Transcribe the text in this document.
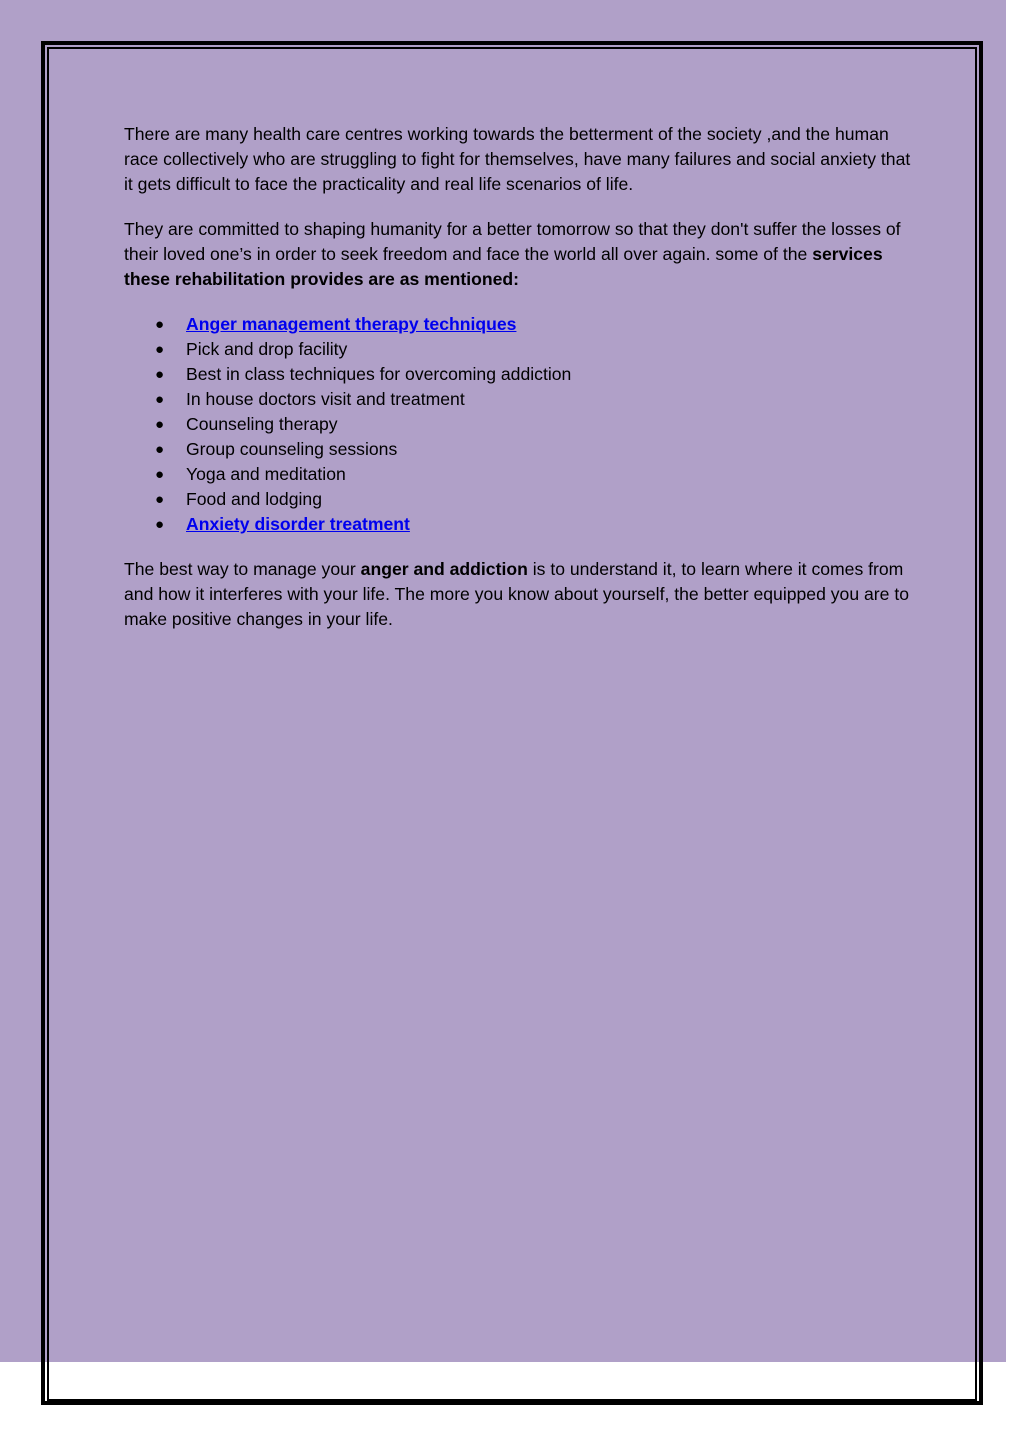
There are many health care centres working towards the betterment of the society ,and the human race collectively who are struggling to fight for themselves, have many failures and social anxiety that it gets difficult to face the practicality and real life scenarios of life.

They are committed to shaping humanity for a better tomorrow so that they don't suffer the losses of their loved one’s in order to seek freedom and face the world all over again. some of the services these rehabilitation provides are as mentioned:

● Anger management therapy techniques
● Pick and drop facility
● Best in class techniques for overcoming addiction
● In house doctors visit and treatment
● Counseling therapy
● Group counseling sessions
● Yoga and meditation
● Food and lodging
● Anxiety disorder treatment

The best way to manage your anger and addiction is to understand it, to learn where it comes from and how it interferes with your life. The more you know about yourself, the better equipped you are to make positive changes in your life.
